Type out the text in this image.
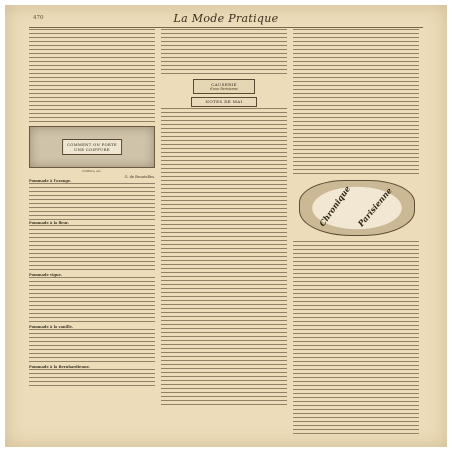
470	La Mode Pratique
COMMENT ON PORTE
UNE COIFFURE
Coiffure, etc.
G. de Broutelles.
Pommade à l’orange.
Pommade à la fleur.
Pommade vigne.
Pommade à la vanille.
Pommade à la Bernhardienne.
CAUSERIE
d’une Parisienne
NOTES DE MAI
Chronique Parisienne
